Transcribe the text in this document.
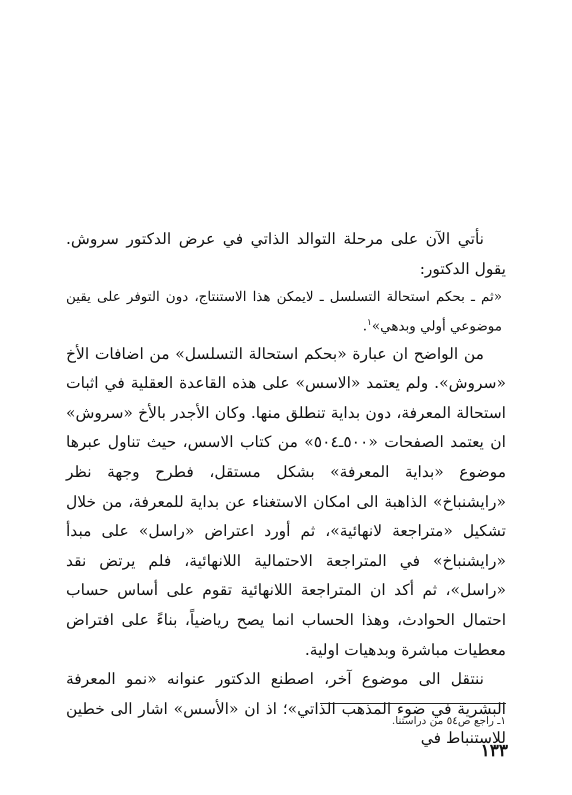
نأتي الآن على مرحلة التوالد الذاتي في عرض الدكتور سروش. يقول الدكتور:

«ثم ـ بحكم استحالة التسلسل ـ لايمكن هذا الاستنتاج، دون التوفر على يقين موضوعي أولي وبدهي»$^١$.

من الواضح ان عبارة «بحكم استحالة التسلسل» من اضافات الأخ «سروش». ولم يعتمد «الاسس» على هذه القاعدة العقلية في اثبات استحالة المعرفة، دون بداية تنطلق منها. وكان الأجدر بالأخ «سروش» ان يعتمد الصفحات «٥٠٠ـ٥٠٤» من كتاب الاسس، حيث تناول عبرها موضوع «بداية المعرفة» بشكل مستقل، فطرح وجهة نظر «رايشنباخ» الذاهبة الى امكان الاستغناء عن بداية للمعرفة، من خلال تشكيل «متراجعة لانهائية»، ثم أورد اعتراض «راسل» على مبدأ «رايشنباخ» في المتراجعة الاحتمالية اللانهائية، فلم يرتض نقد «راسل»، ثم أكد ان المتراجعة اللانهائية تقوم على أساس حساب احتمال الحوادث، وهذا الحساب انما يصح رياضياً، بناءً على افتراض معطيات مباشرة وبدهيات اولية.

ننتقل الى موضوع آخر، اصطنع الدكتور عنوانه «نمو المعرفة البشرية في ضوء المذهب الذاتي»؛ اذ ان «الأسس» اشار الى خطين للاستنباط في

١ـ راجع ص٥٤ من دراستنا.
١٣٣
